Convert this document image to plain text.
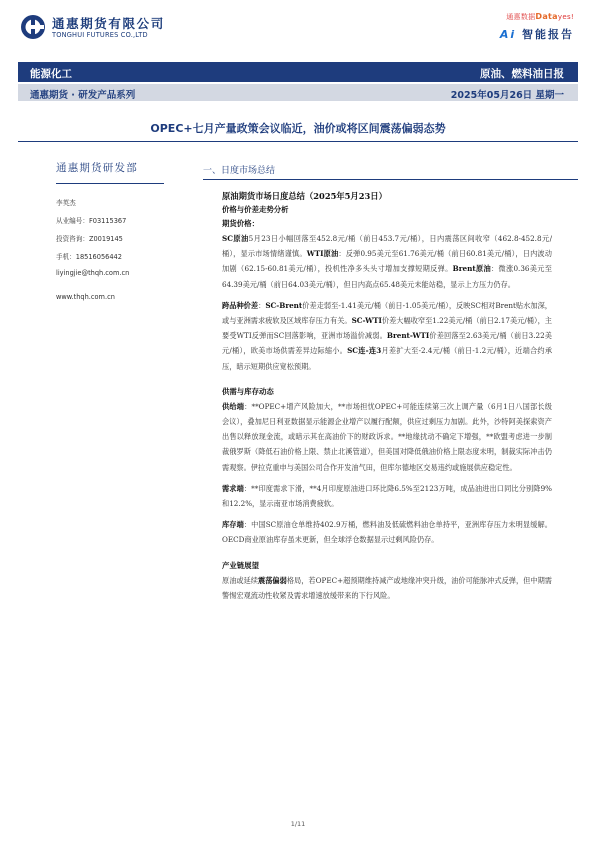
通惠期货有限公司
TONGHUI FUTURES CO.,LTD
通惠数据Datayes!
Ai 智能报告
能源化工	原油、燃料油日报
通惠期货 · 研发产品系列	2025年05月26日 星期一
OPEC+七月产量政策会议临近，油价或将区间震荡偏弱态势
通惠期货研发部
李英杰
从业编号：F03115367
投资咨询：Z0019145
手机：18516056442
liyingjie@thqh.com.cn
www.thqh.com.cn
一、日度市场总结
原油期货市场日度总结（2025年5月23日）
价格与价差走势分析
期货价格：
SC原油5月23日小幅回落至452.8元/桶（前日453.7元/桶），日内震荡区间收窄（462.8-452.8元/桶），显示市场情绪谨慎。WTI原油：反弹0.95美元至61.76美元/桶（前日60.81美元/桶），日内波动加剧（62.15-60.81美元/桶），投机性净多头头寸增加支撑短期反弹。Brent原油：微涨0.36美元至64.39美元/桶（前日64.03美元/桶），但日内高点65.48美元未能站稳，显示上方压力仍存。
跨品种价差：SC-Brent价差走弱至-1.41美元/桶（前日-1.05美元/桶），反映SC相对Brent贴水加深，或与亚洲需求疲软及区域库存压力有关。SC-WTI价差大幅收窄至1.22美元/桶（前日2.17美元/桶），主要受WTI反弹而SC回落影响，亚洲市场溢价减弱。Brent-WTI价差回落至2.63美元/桶（前日3.22美元/桶），欧美市场供需差异边际缩小。SC连-连3月差扩大至-2.4元/桶（前日-1.2元/桶），近端合约承压，暗示短期供应宽松预期。
供需与库存动态
供给端：**OPEC+增产风险加大，**市场担忧OPEC+可能连续第三次上调产量（6月1日八国部长级会议），叠加尼日利亚数据显示能源企业增产以履行配额，供应过剩压力加剧。此外，沙特阿美探索资产出售以释放现金流，或暗示其在高油价下的财政诉求。**地缘扰动不确定下增强，**欧盟考虑进一步制裁俄罗斯（降低石油价格上限、禁止北溪管道），但美国对降低俄油价格上限态度未明，制裁实际冲击仍需观察。伊拉克重申与美国公司合作开发油气田，但库尔德地区交易违约或施展供应稳定性。
需求端：**印度需求下滑，**4月印度原油进口环比降6.5%至2123万吨，成品油进出口同比分别降9%和12.2%，显示南亚市场消费疲软。
库存端：中国SC原油仓单维持402.9万桶，燃料油及低硫燃料油仓单持平，亚洲库存压力未明显缓解。OECD商业原油库存虽未更新，但全球浮仓数据显示过剩风险仍存。
产业链展望
原油或延续震荡偏弱格局，若OPEC+超预期维持减产或地缘冲突升级，油价可能脉冲式反弹，但中期需警惕宏观流动性收紧及需求增速放缓带来的下行风险。
1/11
